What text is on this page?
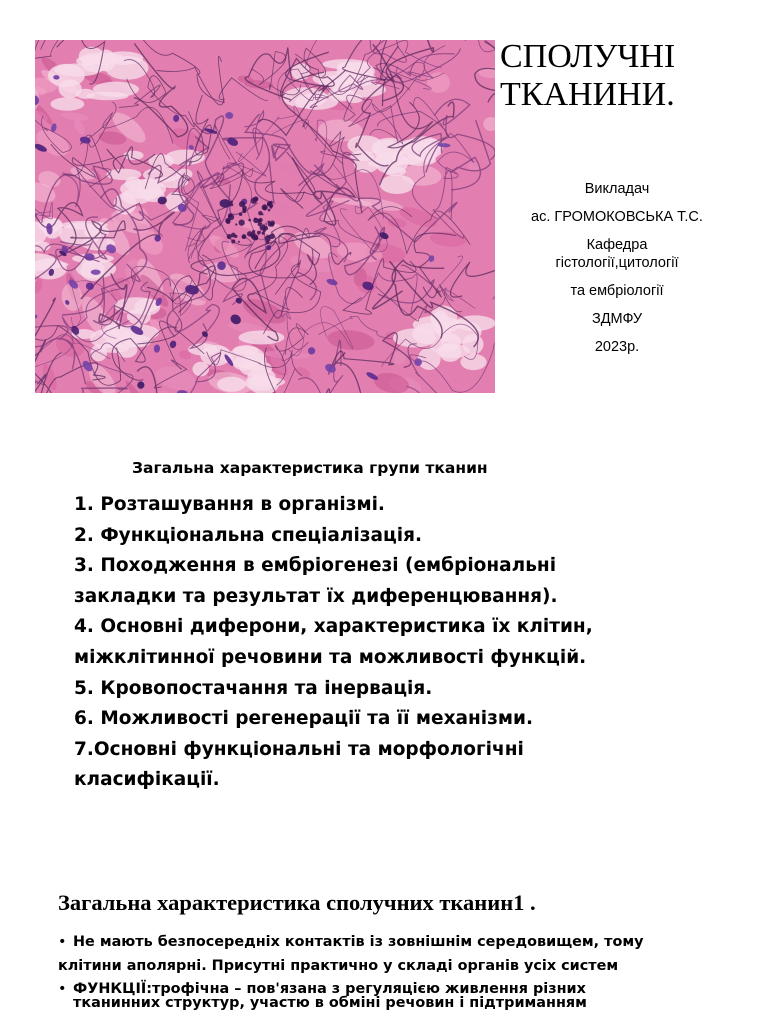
СПОЛУЧНІ
ТКАНИНИ.
Викладач
ас. ГРОМОКОВСЬКА Т.С.
Кафедра
гістології,цитології
та ембріології
ЗДМФУ
2023р.
Загальна характеристика групи тканин
1. Розташування в організмі.
2. Функціональна спеціалізація.
3. Походження в ембріогенезі (ембріональні
закладки та результат їх диференцювання).
4. Основні диферони, характеристика їх клітин,
міжклітинної речовини та можливості функцій.
5. Кровопостачання та інервація.
6. Можливості регенерації та її механізми.
7.Основні функціональні та морфологічні
класифікації.
Загальна характеристика сполучних тканин1 .
• Не мають безпосередніх контактів із зовнішнім середовищем, тому
клітини аполярні. Присутні практично у складі органів усіх систем
• ФУНКЦІЇ:трофічна – пов'язана з регуляцією живлення різних
тканинних структур, участю в обміні речовин і підтриманням
